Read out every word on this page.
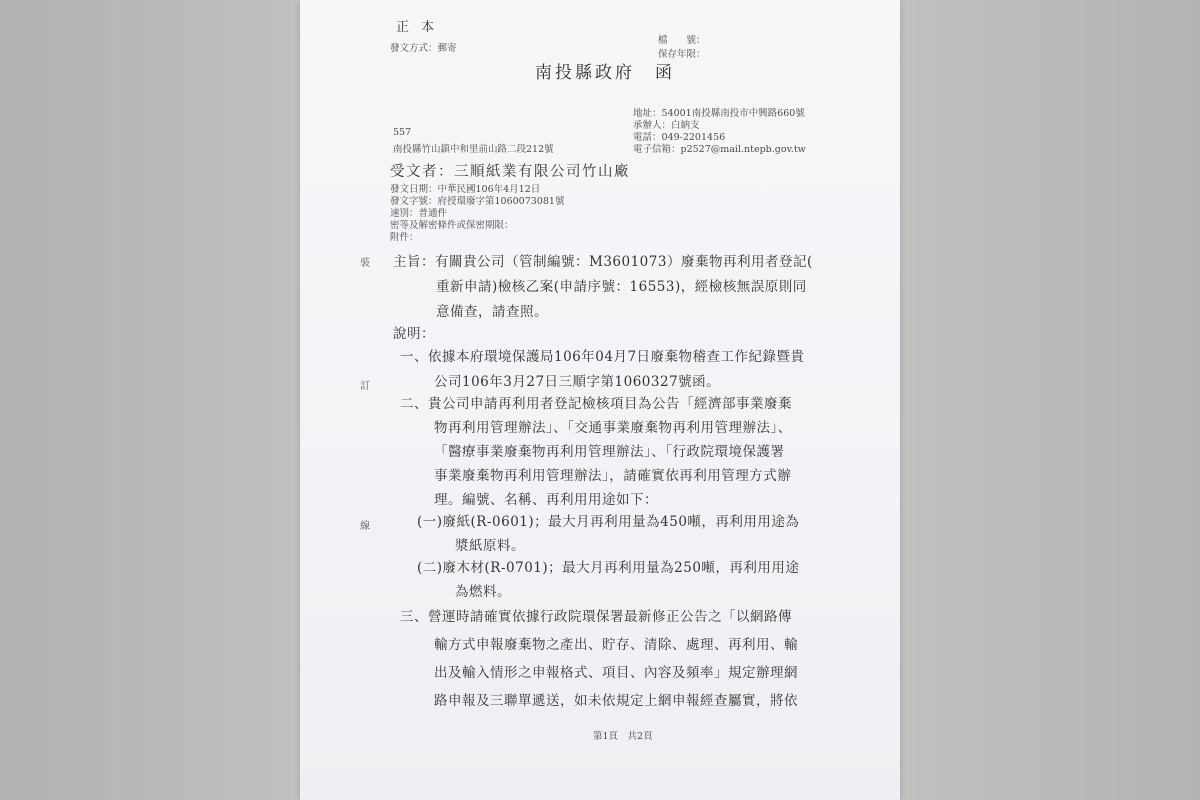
正 本
發文方式：郵寄
檔　　號：
保存年限：
南投縣政府　函
地址：54001南投縣南投市中興路660號
承辦人：白納支
電話：049-2201456
電子信箱：p2527@mail.ntepb.gov.tw
557
南投縣竹山鎮中和里前山路二段212號
受文者：三順紙業有限公司竹山廠
發文日期：中華民國106年4月12日
發文字號：府授環廢字第1060073081號
速別：普通件
密等及解密條件或保密期限：
附件：
裝
訂
線
主旨：有關貴公司（管制編號：M3601073）廢棄物再利用者登記(
重新申請)檢核乙案(申請序號：16553)，經檢核無誤原則同
意備查，請查照。
說明：
一、依據本府環境保護局106年04月7日廢棄物稽查工作紀錄暨貴
公司106年3月27日三順字第1060327號函。
二、貴公司申請再利用者登記檢核項目為公告「經濟部事業廢棄
物再利用管理辦法」、「交通事業廢棄物再利用管理辦法」、
「醫療事業廢棄物再利用管理辦法」、「行政院環境保護署
事業廢棄物再利用管理辦法」，請確實依再利用管理方式辦
理。編號、名稱、再利用用途如下：
(一)廢紙(R-0601)；最大月再利用量為450噸，再利用用途為
漿紙原料。
(二)廢木材(R-0701)；最大月再利用量為250噸，再利用用途
為燃料。
三、營運時請確實依據行政院環保署最新修正公告之「以網路傳
輸方式申報廢棄物之產出、貯存、清除、處理、再利用、輸
出及輸入情形之申報格式、項目、內容及頻率」規定辦理網
路申報及三聯單遞送，如未依規定上網申報經查屬實，將依
第1頁　共2頁
